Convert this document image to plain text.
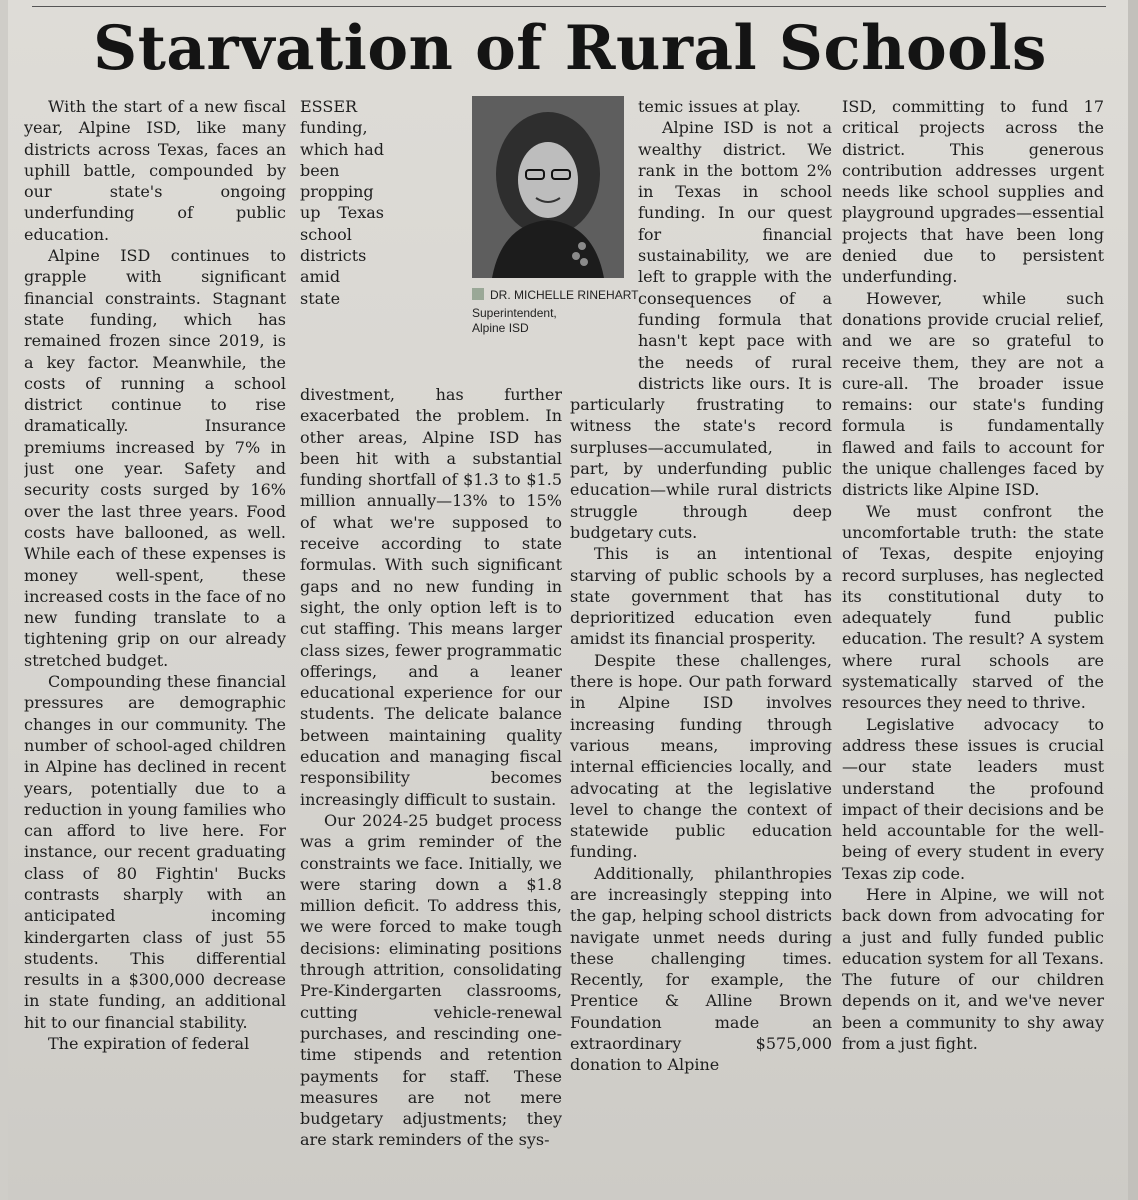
Starvation of Rural Schools

With the start of a new fiscal year, Alpine ISD, like many districts across Texas, faces an uphill battle, compounded by our state's ongoing underfunding of public education.

Alpine ISD continues to grapple with significant financial constraints. Stagnant state funding, which has remained frozen since 2019, is a key factor. Meanwhile, the costs of running a school district continue to rise dramatically. Insurance premiums increased by 7% in just one year. Safety and security costs surged by 16% over the last three years. Food costs have ballooned, as well. While each of these expenses is money well-spent, these increased costs in the face of no new funding translate to a tightening grip on our already stretched budget.

Compounding these financial pressures are demographic changes in our community. The number of school-aged children in Alpine has declined in recent years, potentially due to a reduction in young families who can afford to live here. For instance, our recent graduating class of 80 Fightin' Bucks contrasts sharply with an anticipated incoming kindergarten class of just 55 students. This differential results in a $300,000 decrease in state funding, an additional hit to our financial stability.

The expiration of federal

ESSER funding, which had been propping up Texas school districts amid state divestment, has further exacerbated the problem. In other areas, Alpine ISD has been hit with a substantial funding shortfall of $1.3 to $1.5 million annually—13% to 15% of what we're supposed to receive according to state formulas. With such significant gaps and no new funding in sight, the only option left is to cut staffing. This means larger class sizes, fewer programmatic offerings, and a leaner educational experience for our students. The delicate balance between maintaining quality education and managing fiscal responsibility becomes increasingly difficult to sustain.

Our 2024-25 budget process was a grim reminder of the constraints we face. Initially, we were staring down a $1.8 million deficit. To address this, we were forced to make tough decisions: eliminating positions through attrition, consolidating Pre-Kindergarten classrooms, cutting vehicle-renewal purchases, and rescinding one-time stipends and retention payments for staff. These measures are not mere budgetary adjustments; they are stark reminders of the sys-

temic issues at play.

Alpine ISD is not a wealthy district. We rank in the bottom 2% in Texas in school funding. In our quest for financial sustainability, we are left to grapple with the consequences of a funding formula that hasn't kept pace with the needs of rural districts like ours. It is particularly frustrating to witness the state's record surpluses—accumulated, in part, by underfunding public education—while rural districts struggle through deep budgetary cuts.

This is an intentional starving of public schools by a state government that has deprioritized education even amidst its financial prosperity.

Despite these challenges, there is hope. Our path forward in Alpine ISD involves increasing funding through various means, improving internal efficiencies locally, and advocating at the legislative level to change the context of statewide public education funding.

Additionally, philanthropies are increasingly stepping into the gap, helping school districts navigate unmet needs during these challenging times. Recently, for example, the Prentice & Alline Brown Foundation made an extraordinary $575,000 donation to Alpine

ISD, committing to fund 17 critical projects across the district. This generous contribution addresses urgent needs like school supplies and playground upgrades—essential projects that have been long denied due to persistent underfunding.

However, while such donations provide crucial relief, and we are so grateful to receive them, they are not a cure-all. The broader issue remains: our state's funding formula is fundamentally flawed and fails to account for the unique challenges faced by districts like Alpine ISD.

We must confront the uncomfortable truth: the state of Texas, despite enjoying record surpluses, has neglected its constitutional duty to adequately fund public education. The result? A system where rural schools are systematically starved of the resources they need to thrive.

Legislative advocacy to address these issues is crucial—our state leaders must understand the profound impact of their decisions and be held accountable for the well-being of every student in every Texas zip code.

Here in Alpine, we will not back down from advocating for a just and fully funded public education system for all Texans. The future of our children depends on it, and we've never been a community to shy away from a just fight.

DR. MICHELLE RINEHART
Superintendent,
Alpine ISD
